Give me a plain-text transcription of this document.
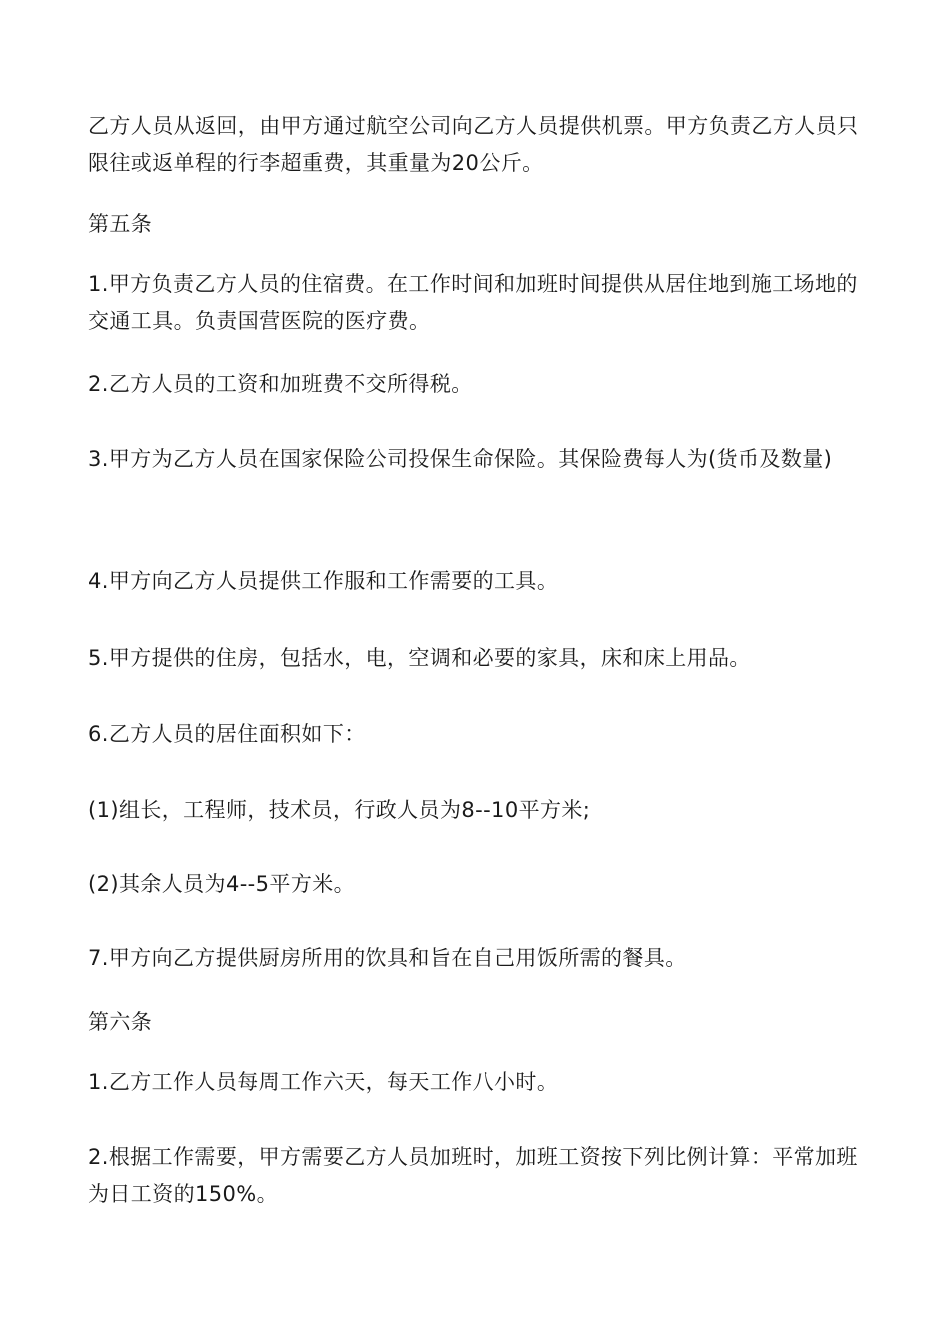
乙方人员从返回，由甲方通过航空公司向乙方人员提供机票。甲方负责乙方人员只限往或返单程的行李超重费，其重量为20公斤。

第五条

1.甲方负责乙方人员的住宿费。在工作时间和加班时间提供从居住地到施工场地的交通工具。负责国营医院的医疗费。

2.乙方人员的工资和加班费不交所得税。

3.甲方为乙方人员在国家保险公司投保生命保险。其保险费每人为(货币及数量)

4.甲方向乙方人员提供工作服和工作需要的工具。

5.甲方提供的住房，包括水，电，空调和必要的家具，床和床上用品。

6.乙方人员的居住面积如下：

(1)组长，工程师，技术员，行政人员为8--10平方米;

(2)其余人员为4--5平方米。

7.甲方向乙方提供厨房所用的饮具和旨在自己用饭所需的餐具。

第六条

1.乙方工作人员每周工作六天，每天工作八小时。

2.根据工作需要，甲方需要乙方人员加班时，加班工资按下列比例计算：平常加班为日工资的150%。
